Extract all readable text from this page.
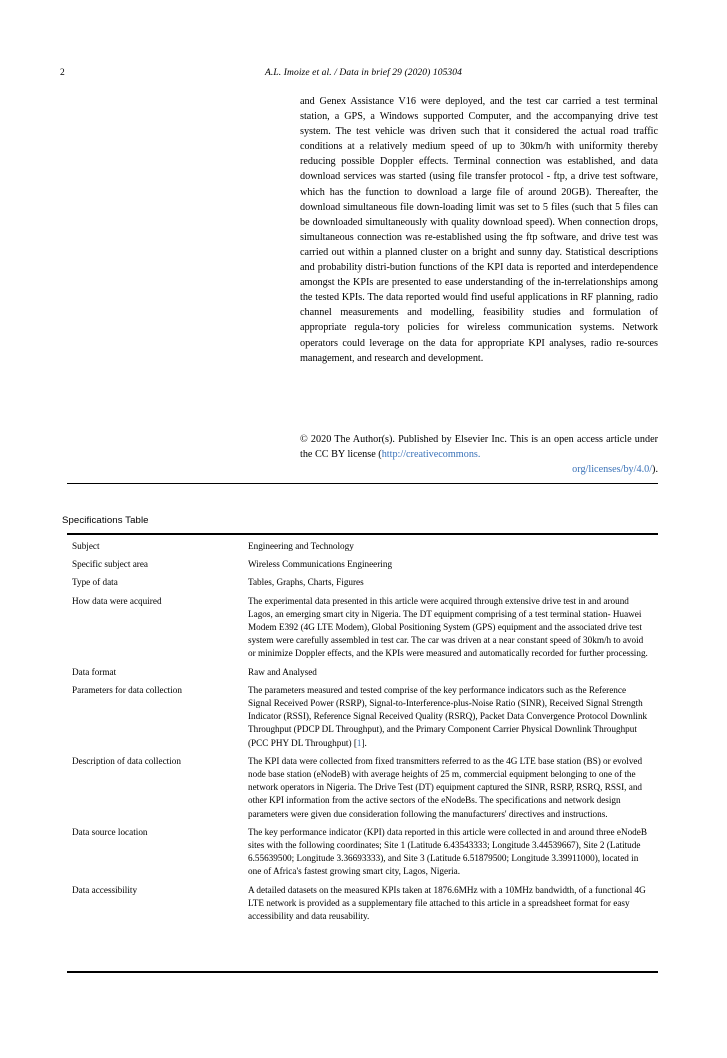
2	A.L. Imoize et al. / Data in brief 29 (2020) 105304

and Genex Assistance V16 were deployed, and the test car carried a test terminal station, a GPS, a Windows supported Computer, and the accompanying drive test system. The test vehicle was driven such that it considered the actual road traffic conditions at a relatively medium speed of up to 30km/h with uniformity thereby reducing possible Doppler effects. Terminal connection was established, and data download services was started (using file transfer protocol - ftp, a drive test software, which has the function to download a large file of around 20GB). Thereafter, the download simultaneous file down-loading limit was set to 5 files (such that 5 files can be downloaded simultaneously with quality download speed). When connection drops, simultaneous connection was re-established using the ftp software, and drive test was carried out within a planned cluster on a bright and sunny day. Statistical descriptions and probability distri-bution functions of the KPI data is reported and interdependence amongst the KPIs are presented to ease understanding of the in-terrelationships among the tested KPIs. The data reported would find useful applications in RF planning, radio channel measurements and modelling, feasibility studies and formulation of appropriate regula-tory policies for wireless communication systems. Network operators could leverage on the data for appropriate KPI analyses, radio re-sources management, and research and development.

© 2020 The Author(s). Published by Elsevier Inc. This is an open access article under the CC BY license (http://creativecommons.
org/licenses/by/4.0/).
Specifications Table
Subject	Engineering and Technology
Specific subject area	Wireless Communications Engineering
Type of data	Tables, Graphs, Charts, Figures
How data were acquired	The experimental data presented in this article were acquired through extensive drive test in and around Lagos, an emerging smart city in Nigeria. The DT equipment comprising of a test terminal station- Huawei Modem E392 (4G LTE Modem), Global Positioning System (GPS) equipment and the associated drive test system were carefully assembled in test car. The car was driven at a near constant speed of 30km/h to avoid or minimize Doppler effects, and the KPIs were measured and automatically recorded for further processing.
Data format	Raw and Analysed
Parameters for data collection	The parameters measured and tested comprise of the key performance indicators such as the Reference Signal Received Power (RSRP), Signal-to-Interference-plus-Noise Ratio (SINR), Received Signal Strength Indicator (RSSI), Reference Signal Received Quality (RSRQ), Packet Data Convergence Protocol Downlink Throughput (PDCP DL Throughput), and the Primary Component Carrier Physical Downlink Throughput (PCC PHY DL Throughput) [1].
Description of data collection	The KPI data were collected from fixed transmitters referred to as the 4G LTE base station (BS) or evolved node base station (eNodeB) with average heights of 25 m, commercial equipment belonging to one of the network operators in Nigeria. The Drive Test (DT) equipment captured the SINR, RSRP, RSRQ, RSSI, and other KPI information from the active sectors of the eNodeBs. The specifications and network design parameters were given due consideration following the manufacturers' directives and instructions.
Data source location	The key performance indicator (KPI) data reported in this article were collected in and around three eNodeB sites with the following coordinates; Site 1 (Latitude 6.43543333; Longitude 3.44539667), Site 2 (Latitude 6.55639500; Longitude 3.36693333), and Site 3 (Latitude 6.51879500; Longitude 3.39911000), located in one of Africa's fastest growing smart city, Lagos, Nigeria.
Data accessibility	A detailed datasets on the measured KPIs taken at 1876.6MHz with a 10MHz bandwidth, of a functional 4G LTE network is provided as a supplementary file attached to this article in a spreadsheet format for easy accessibility and data reusability.
